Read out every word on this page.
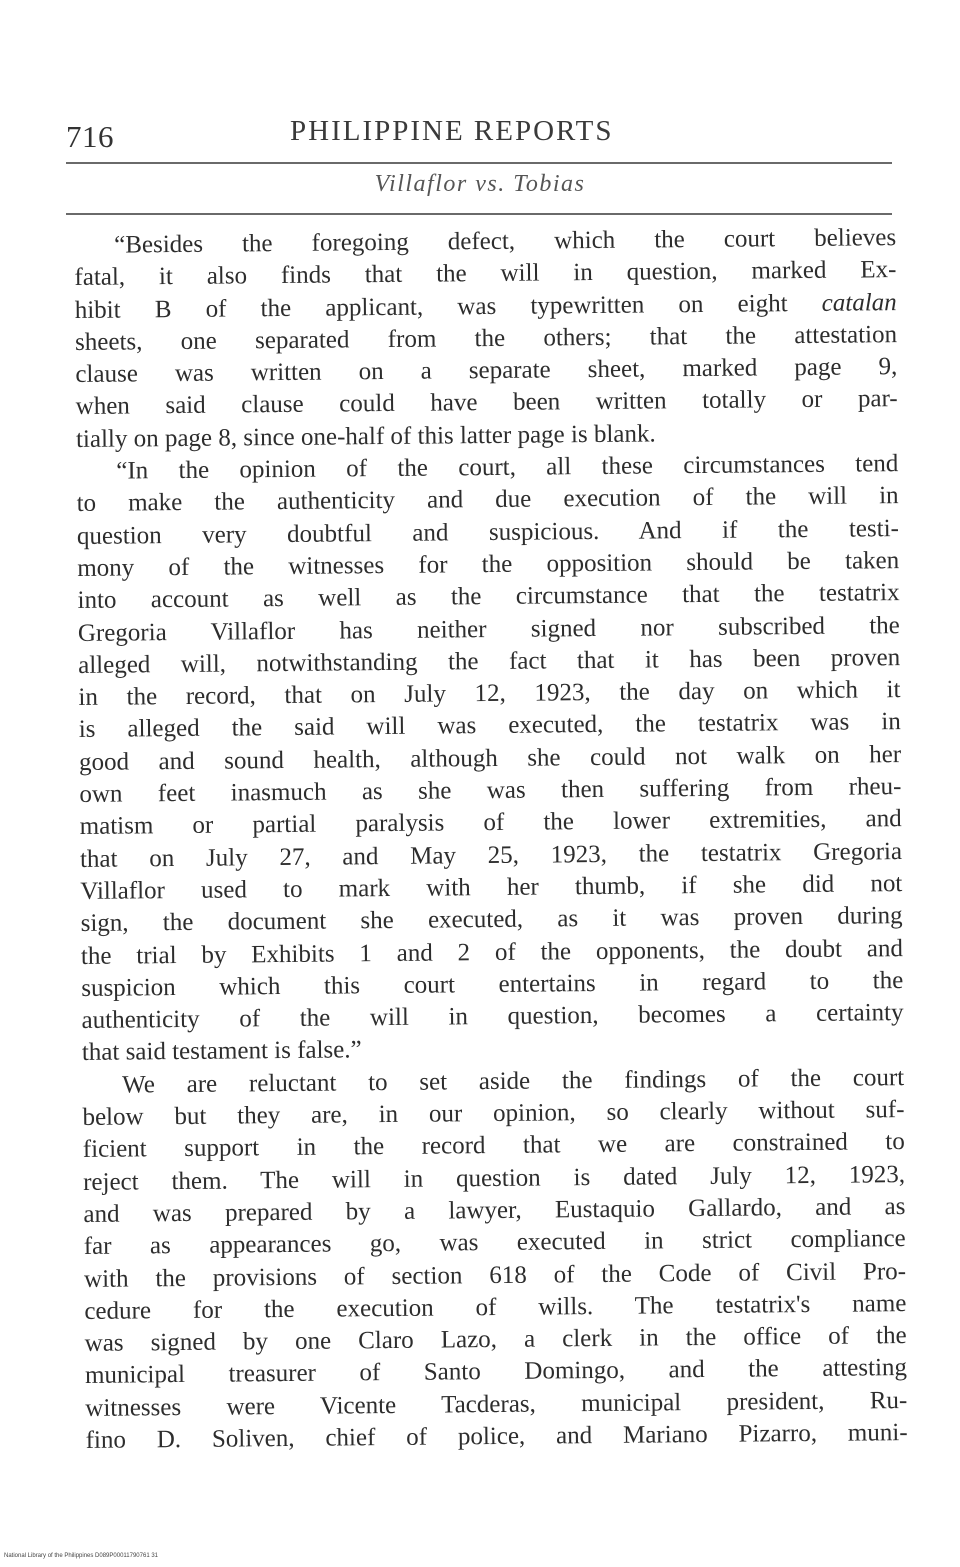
716	PHILIPPINE REPORTS
Villaflor vs. Tobias
“Besides the foregoing defect, which the court believes
fatal, it also finds that the will in question, marked Ex-
hibit B of the applicant, was typewritten on eight catalan
sheets, one separated from the others; that the attestation
clause was written on a separate sheet, marked page 9,
when said clause could have been written totally or par-
tially on page 8, since one-half of this latter page is blank.
“In the opinion of the court, all these circumstances tend
to make the authenticity and due execution of the will in
question very doubtful and suspicious. And if the testi-
mony of the witnesses for the opposition should be taken
into account as well as the circumstance that the testatrix
Gregoria Villaflor has neither signed nor subscribed the
alleged will, notwithstanding the fact that it has been proven
in the record, that on July 12, 1923, the day on which it
is alleged the said will was executed, the testatrix was in
good and sound health, although she could not walk on her
own feet inasmuch as she was then suffering from rheu-
matism or partial paralysis of the lower extremities, and
that on July 27, and May 25, 1923, the testatrix Gregoria
Villaflor used to mark with her thumb, if she did not
sign, the document she executed, as it was proven during
the trial by Exhibits 1 and 2 of the opponents, the doubt and
suspicion which this court entertains in regard to the
authenticity of the will in question, becomes a certainty
that said testament is false.”
We are reluctant to set aside the findings of the court
below but they are, in our opinion, so clearly without suf-
ficient support in the record that we are constrained to
reject them. The will in question is dated July 12, 1923,
and was prepared by a lawyer, Eustaquio Gallardo, and as
far as appearances go, was executed in strict compliance
with the provisions of section 618 of the Code of Civil Pro-
cedure for the execution of wills. The testatrix's name
was signed by one Claro Lazo, a clerk in the office of the
municipal treasurer of Santo Domingo, and the attesting
witnesses were Vicente Tacderas, municipal president, Ru-
fino D. Soliven, chief of police, and Mariano Pizarro, muni-
National Library of the Philippines D089P00011790761 31
